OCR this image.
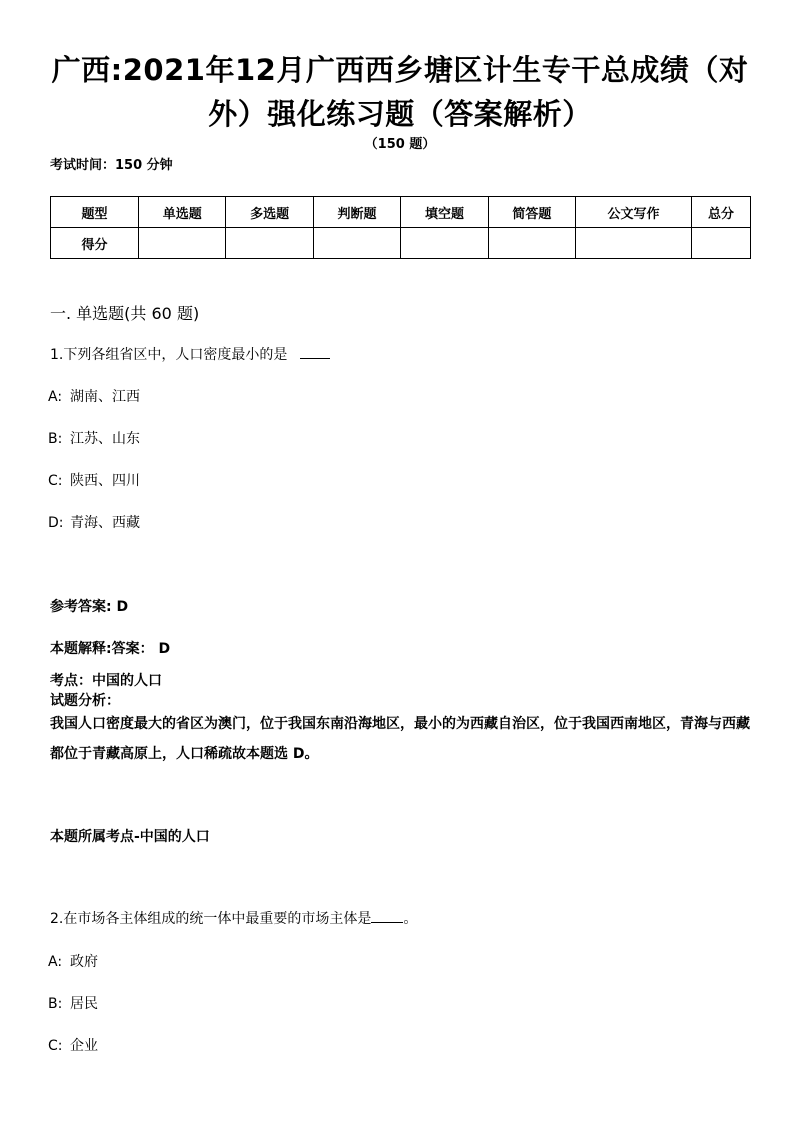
广西:2021年12月广西西乡塘区计生专干总成绩（对外）强化练习题（答案解析）
（150 题）
考试时间：150 分钟
题型	单选题	多选题	判断题	填空题	简答题	公文写作	总分
得分							
一. 单选题(共 60 题)
1.下列各组省区中，人口密度最小的是
A: 湖南、江西
B: 江苏、山东
C: 陕西、四川
D: 青海、西藏
参考答案: D
本题解释:答案： D
考点：中国的人口
试题分析：
我国人口密度最大的省区为澳门，位于我国东南沿海地区，最小的为西藏自治区，位于我国西南地区，青海与西藏都位于青藏高原上，人口稀疏故本题选 D。
本题所属考点-中国的人口
2.在市场各主体组成的统一体中最重要的市场主体是 。
A: 政府
B: 居民
C: 企业
